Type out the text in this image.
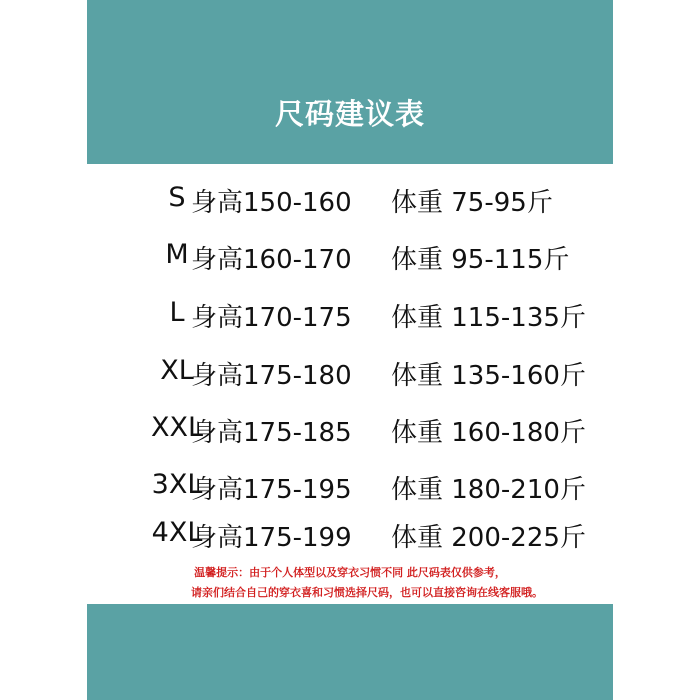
尺码建议表
S 身高150-160 体重 75-95斤
M 身高160-170 体重 95-115斤
L 身高170-175 体重 115-135斤
XL
身高175-180 体重 135-160斤
XXL
身高175-185 体重 160-180斤
3XL
身高175-195 体重 180-210斤
4XL
身高175-199 体重 200-225斤
温馨提示：由于个人体型以及穿衣习惯不同 此尺码表仅供参考，
请亲们结合自己的穿衣喜和习惯选择尺码，也可以直接咨询在线客服哦。
